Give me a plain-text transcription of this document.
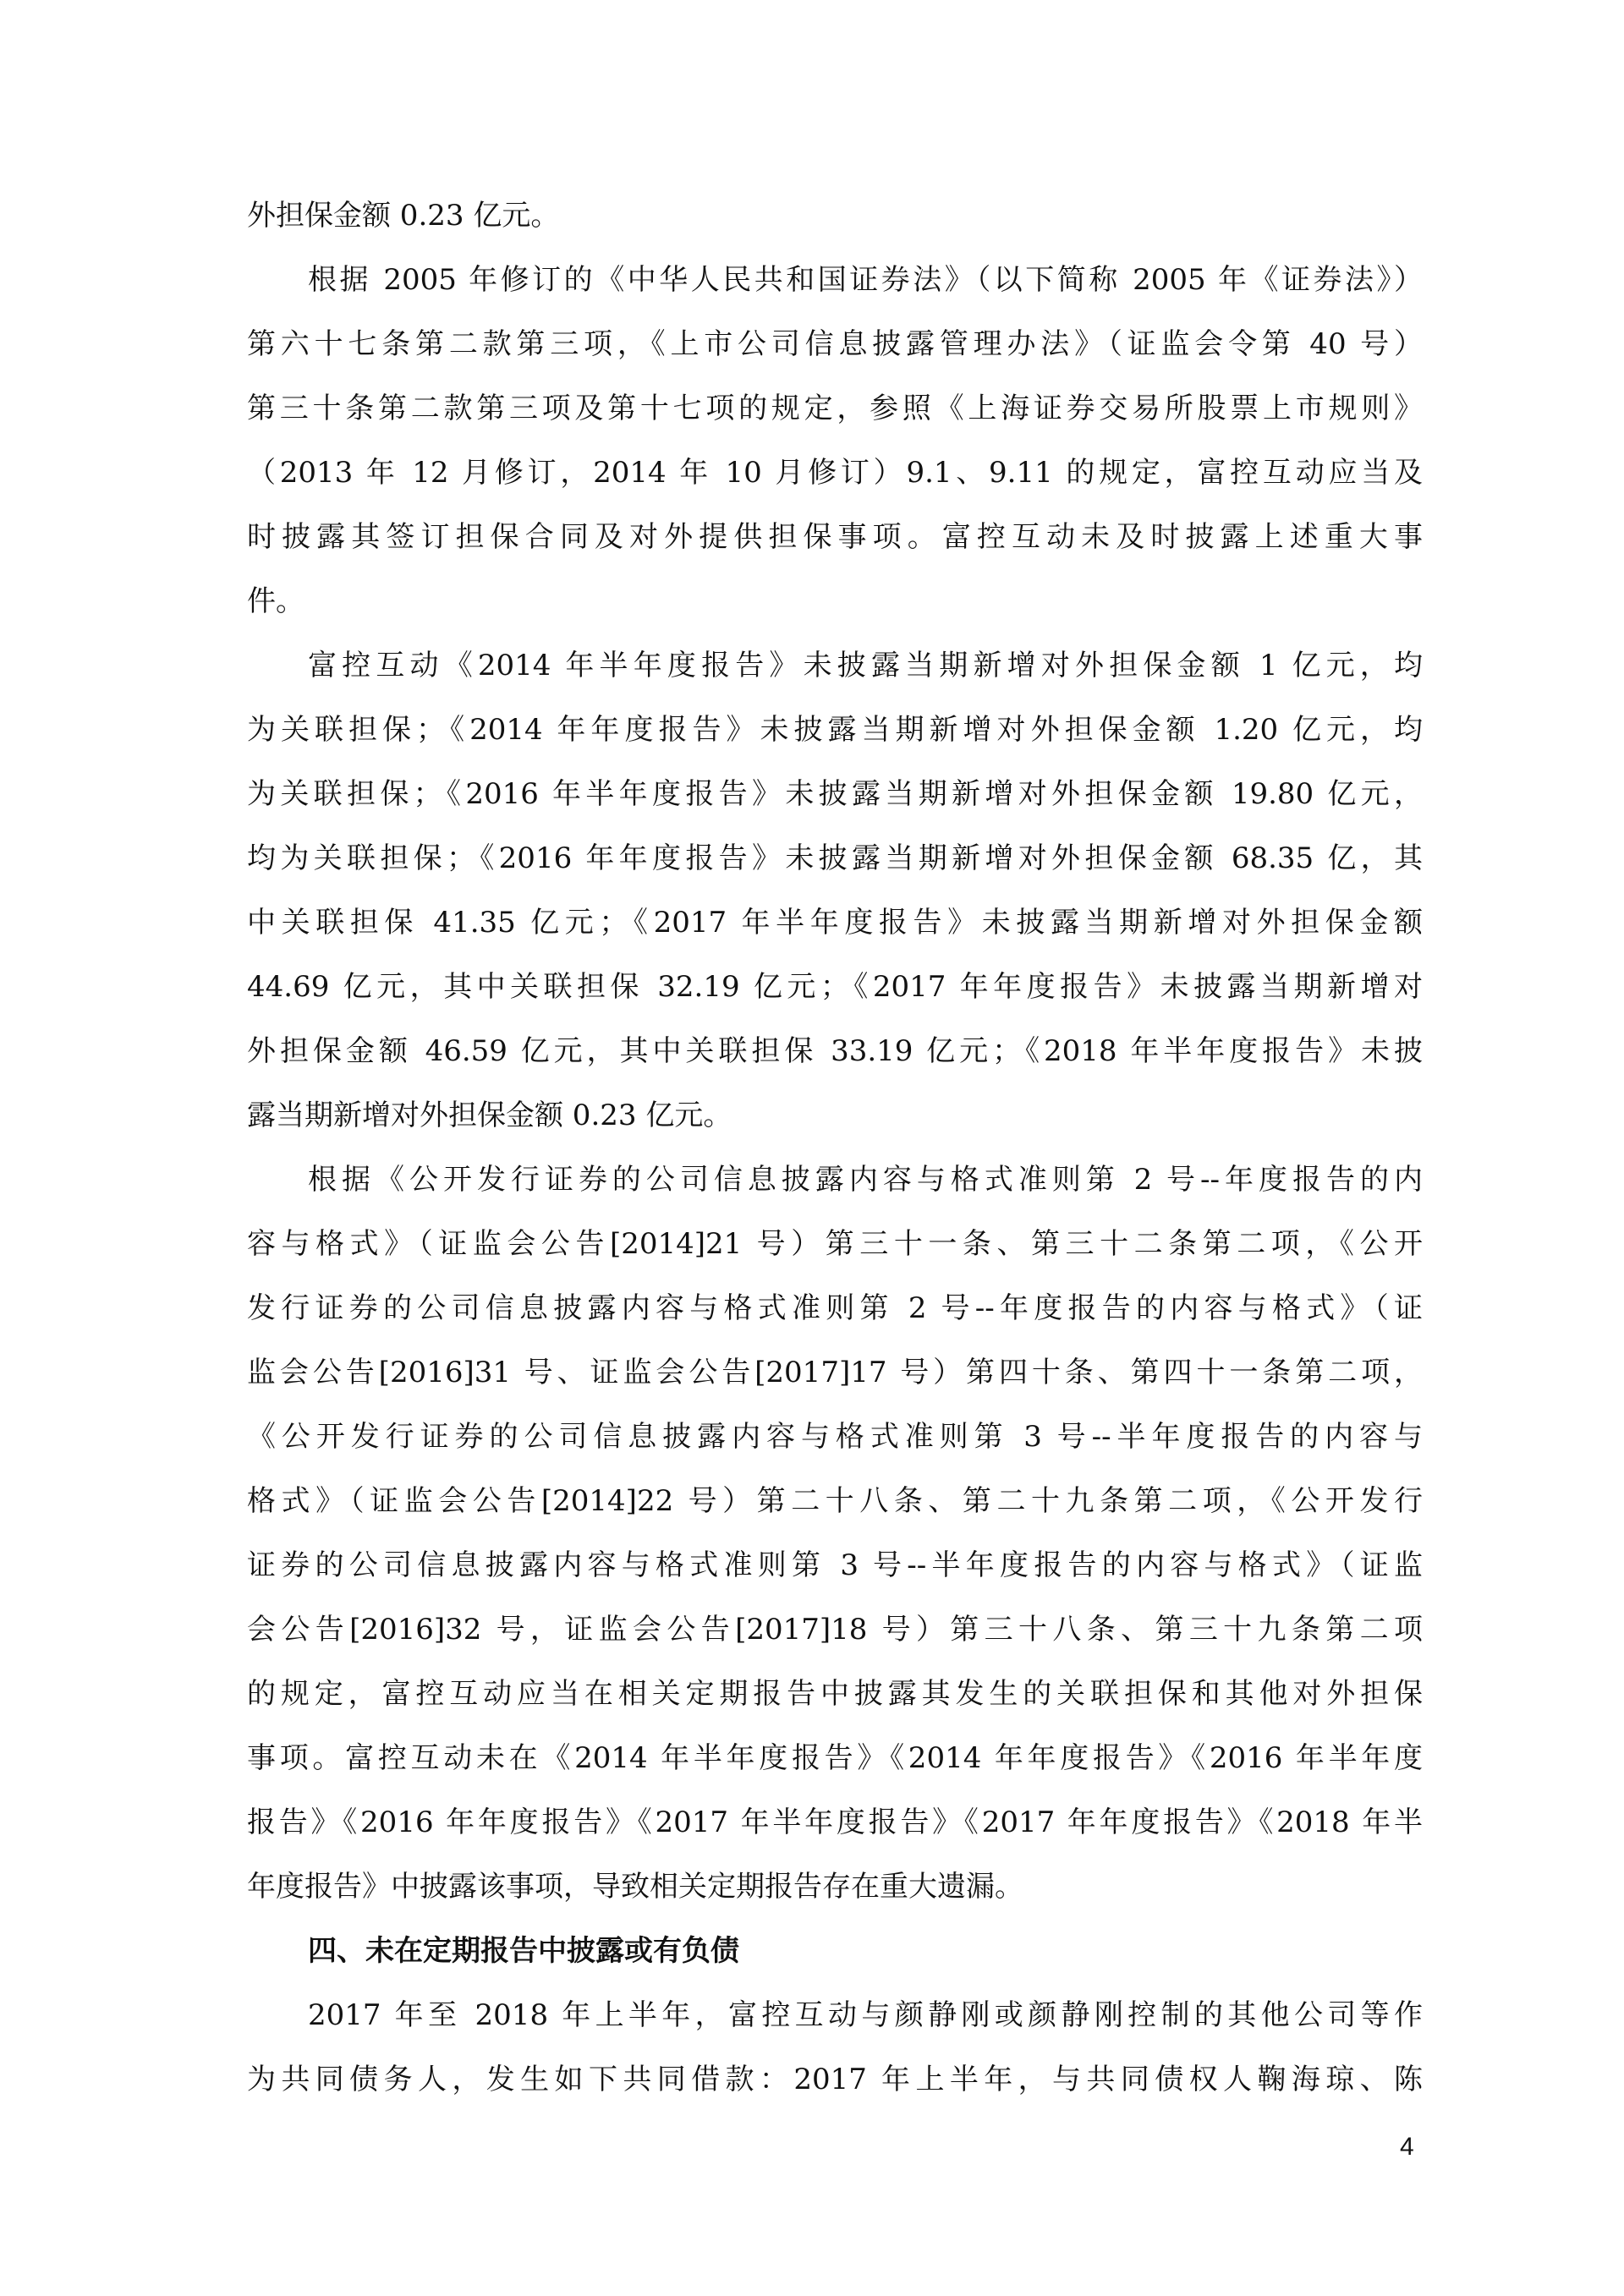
外担保金额 0.23 亿元。
根据 2005 年修订的《中华人民共和国证券法》（以下简称 2005 年《证券法》）
第六十七条第二款第三项，《上市公司信息披露管理办法》（证监会令第 40 号）
第三十条第二款第三项及第十七项的规定，参照《上海证券交易所股票上市规则》
（2013 年 12 月修订，2014 年 10 月修订）9.1、9.11 的规定，富控互动应当及
时披露其签订担保合同及对外提供担保事项。富控互动未及时披露上述重大事
件。
富控互动《2014 年半年度报告》未披露当期新增对外担保金额 1 亿元，均
为关联担保；《2014 年年度报告》未披露当期新增对外担保金额 1.20 亿元，均
为关联担保；《2016 年半年度报告》未披露当期新增对外担保金额 19.80 亿元，
均为关联担保；《2016 年年度报告》未披露当期新增对外担保金额 68.35 亿，其
中关联担保 41.35 亿元；《2017 年半年度报告》未披露当期新增对外担保金额
44.69 亿元，其中关联担保 32.19 亿元；《2017 年年度报告》未披露当期新增对
外担保金额 46.59 亿元，其中关联担保 33.19 亿元；《2018 年半年度报告》未披
露当期新增对外担保金额 0.23 亿元。
根据《公开发行证券的公司信息披露内容与格式准则第 2 号--年度报告的内
容与格式》（证监会公告[2014]21 号）第三十一条、第三十二条第二项，《公开
发行证券的公司信息披露内容与格式准则第 2 号--年度报告的内容与格式》（证
监会公告[2016]31 号、证监会公告[2017]17 号）第四十条、第四十一条第二项，
《公开发行证券的公司信息披露内容与格式准则第 3 号--半年度报告的内容与
格式》（证监会公告[2014]22 号）第二十八条、第二十九条第二项，《公开发行
证券的公司信息披露内容与格式准则第 3 号--半年度报告的内容与格式》（证监
会公告[2016]32 号，证监会公告[2017]18 号）第三十八条、第三十九条第二项
的规定，富控互动应当在相关定期报告中披露其发生的关联担保和其他对外担保
事项。富控互动未在《2014 年半年度报告》《2014 年年度报告》《2016 年半年度
报告》《2016 年年度报告》《2017 年半年度报告》《2017 年年度报告》《2018 年半
年度报告》中披露该事项，导致相关定期报告存在重大遗漏。
四、未在定期报告中披露或有负债
2017 年至 2018 年上半年，富控互动与颜静刚或颜静刚控制的其他公司等作
为共同债务人，发生如下共同借款：2017 年上半年，与共同债权人鞠海琼、陈
4
